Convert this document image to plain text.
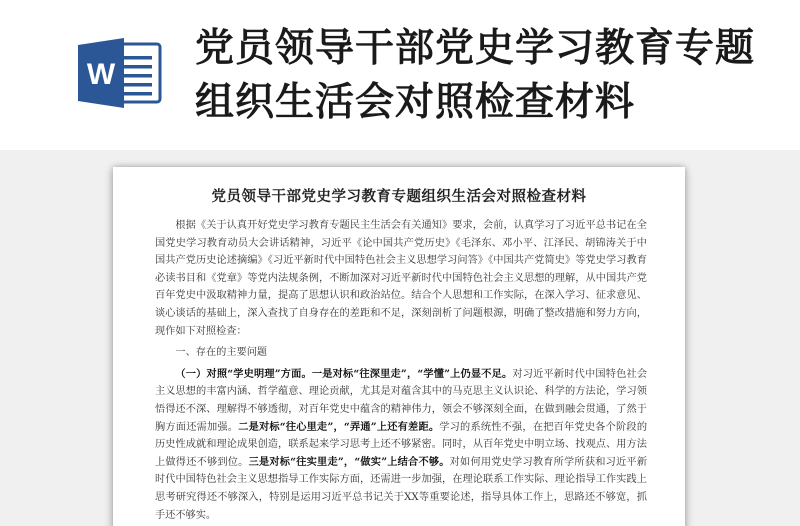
W
党员领导干部党史学习教育专题
组织生活会对照检查材料
党员领导干部党史学习教育专题组织生活会对照检查材料

根据《关于认真开好党史学习教育专题民主生活会有关通知》要求，会前，认真学习了习近平总书记在全国党史学习教育动员大会讲话精神，习近平《论中国共产党历史》《毛泽东、邓小平、江泽民、胡锦涛关于中国共产党历史论述摘编》《习近平新时代中国特色社会主义思想学习问答》《中国共产党简史》等党史学习教育必读书目和《党章》等党内法规条例，不断加深对习近平新时代中国特色社会主义思想的理解，从中国共产党百年党史中汲取精神力量，提高了思想认识和政治站位。结合个人思想和工作实际，在深入学习、征求意见、谈心谈话的基础上，深入查找了自身存在的差距和不足，深刻剖析了问题根源，明确了整改措施和努力方向，现作如下对照检查：

一、存在的主要问题

（一）对照“学史明理”方面。一是对标“往深里走”，“学懂”上仍显不足。对习近平新时代中国特色社会主义思想的丰富内涵、哲学蕴意、理论贡献，尤其是对蕴含其中的马克思主义认识论、科学的方法论，学习领悟得还不深、理解得不够透彻，对百年党史中蕴含的精神伟力，领会不够深刻全面，在做到融会贯通，了然于胸方面还需加强。二是对标“往心里走”，“弄通”上还有差距。学习的系统性不强，在把百年党史各个阶段的历史性成就和理论成果创造，联系起来学习思考上还不够紧密。同时，从百年党史中明立场、找观点、用方法上做得还不够到位。三是对标“往实里走”，“做实”上结合不够。对如何用党史学习教育所学所获和习近平新时代中国特色社会主义思想指导工作实际方面，还需进一步加强，在理论联系工作实际、理论指导工作实践上思考研究得还不够深入，特别是运用习近平总书记关于XX等重要论述，指导具体工作上，思路还不够宽，抓手还不够实。
